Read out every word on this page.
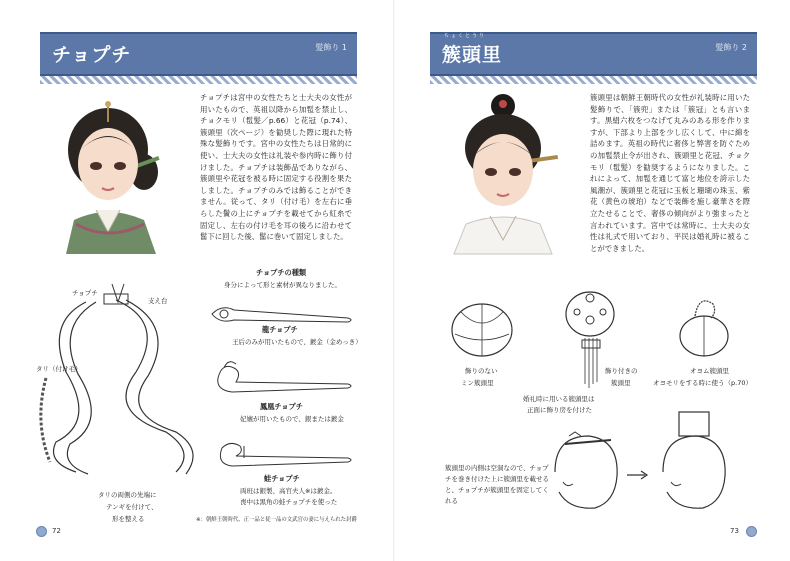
チョプチ	髪飾り 1
チョプチは宮中の女性たちと士大夫の女性が用いたもので、英祖以降から加髢を禁止し、チョクモリ（髢髪／p.66）と花冠（p.74）、簇頭里（次ページ）を勧奨した際に現れた特殊な髪飾りです。宮中の女性たちは日常的に使い、士大夫の女性は礼装や参内時に飾り付けました。チョプチは装飾品でありながら、簇頭里や花冠を被る時に固定する役割を果たしました。チョプチのみでは飾ることができません。従って、タリ（付け毛）を左右に垂らした鬢の上にチョプチを載せてから紅糸で固定し、左右の付け毛を耳の後ろに沿わせて髷下に回した後、髷に巻いて固定しました。
チョプチ
支え台
タリ（付け毛）
タリの両側の先端に
テンギを付けて、
形を整える
チョプチの種類
身分によって形と素材が異なりました。
龍チョプチ
王后のみが用いたもので、鍍金（金めっき）
鳳凰チョプチ
妃嬪が用いたもので、銀または鍍金
蛙チョプチ
両班は銀製、高官夫人※は鍍金。
喪中は黒角の蛙チョプチを使った
※：朝鮮王朝時代、正一品と従一品の文武官の妻に与えられた封爵
72
ちょくとうり
簇頭里	髪飾り 2
簇頭里は朝鮮王朝時代の女性が礼装時に用いた髪飾りで、「簇兜」または「簇冠」とも言います。黒絹六枚をつなげて丸みのある形を作りますが、下部より上部を少し広くして、中に綿を詰めます。英祖の時代に奢侈と弊害を防ぐための加髢禁止令が出され、簇頭里と花冠、チョクモリ（髢髪）を勧奨するようになりました。これによって、加髢を通じて富と地位を誇示した風潮が、簇頭里と花冠に玉板と珊瑚の珠玉、紫花（黄色の琥珀）などで装飾を施し豪華さを際立たせることで、奢侈の傾向がより強まったと言われています。宮中では常時に、士大夫の女性は礼式で用いており、平民は婚礼時に被ることができました。
飾りのない
ミン簇頭里
飾り付きの
簇頭里
オヨム簇頭里
オヨモリをする時に使う（p.70）
婚礼時に用いる簇頭里は
正面に飾り房を付けた
簇頭里の内側は空洞なので、チョプチを巻き付けた上に簇頭里を載せると、チョプチが簇頭里を固定してくれる
73
